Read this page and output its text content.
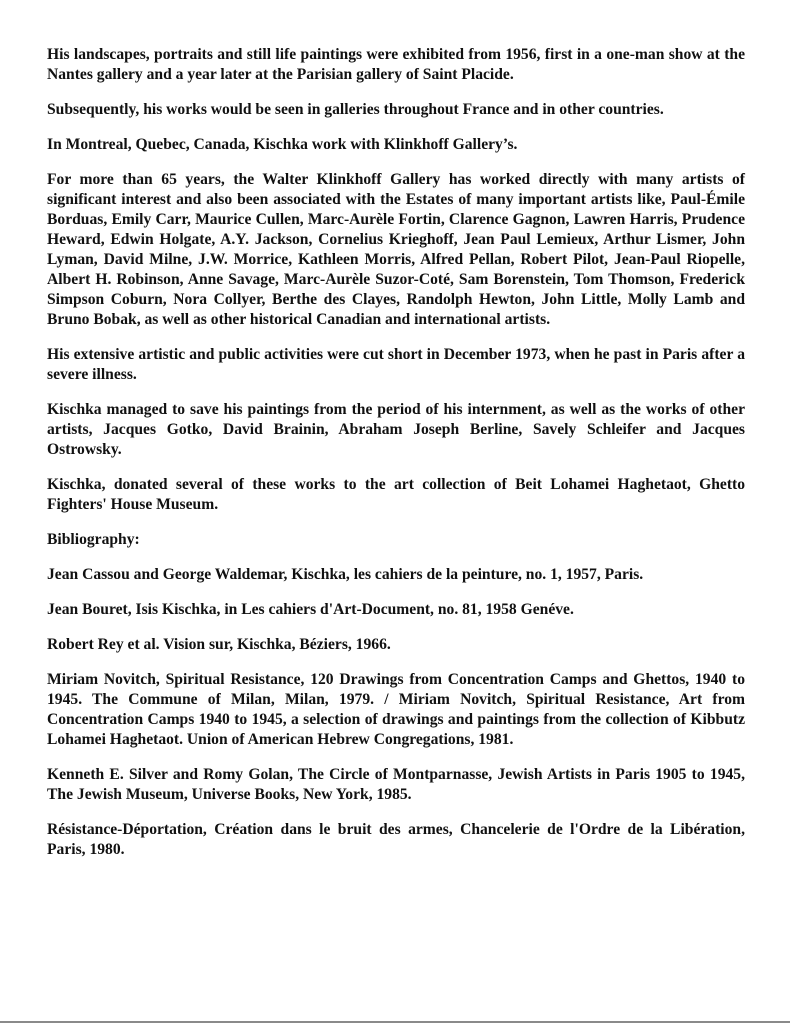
His landscapes, portraits and still life paintings were exhibited from 1956, first in a one-man show at the Nantes gallery and a year later at the Parisian gallery of Saint Placide.

Subsequently, his works would be seen in galleries throughout France and in other countries.

In Montreal, Quebec, Canada, Kischka work with Klinkhoff Gallery’s.

For more than 65 years, the Walter Klinkhoff Gallery has worked directly with many artists of significant interest and also been associated with the Estates of many important artists like, Paul-Émile Borduas, Emily Carr, Maurice Cullen, Marc-Aurèle Fortin, Clarence Gagnon, Lawren Harris, Prudence Heward, Edwin Holgate, A.Y. Jackson, Cornelius Krieghoff, Jean Paul Lemieux, Arthur Lismer, John Lyman, David Milne, J.W. Morrice, Kathleen Morris, Alfred Pellan, Robert Pilot, Jean-Paul Riopelle, Albert H. Robinson, Anne Savage, Marc-Aurèle Suzor-Coté, Sam Borenstein, Tom Thomson, Frederick Simpson Coburn, Nora Collyer, Berthe des Clayes, Randolph Hewton, John Little, Molly Lamb and Bruno Bobak, as well as other historical Canadian and international artists.

His extensive artistic and public activities were cut short in December 1973, when he past in Paris after a severe illness.

Kischka managed to save his paintings from the period of his internment, as well as the works of other artists, Jacques Gotko, David Brainin, Abraham Joseph Berline, Savely Schleifer and Jacques Ostrowsky.

Kischka, donated several of these works to the art collection of Beit Lohamei Haghetaot, Ghetto Fighters' House Museum.

Bibliography:

Jean Cassou and George Waldemar, Kischka, les cahiers de la peinture, no. 1, 1957, Paris.

Jean Bouret, Isis Kischka, in Les cahiers d'Art-Document, no. 81, 1958 Genéve.

Robert Rey et al. Vision sur, Kischka, Béziers, 1966.

Miriam Novitch, Spiritual Resistance, 120 Drawings from Concentration Camps and Ghettos, 1940 to 1945. The Commune of Milan, Milan, 1979. / Miriam Novitch, Spiritual Resistance, Art from Concentration Camps 1940 to 1945, a selection of drawings and paintings from the collection of Kibbutz Lohamei Haghetaot. Union of American Hebrew Congregations, 1981.

Kenneth E. Silver and Romy Golan, The Circle of Montparnasse, Jewish Artists in Paris 1905 to 1945, The Jewish Museum, Universe Books, New York, 1985.

Résistance-Déportation, Création dans le bruit des armes, Chancelerie de l'Ordre de la Libération, Paris, 1980.
